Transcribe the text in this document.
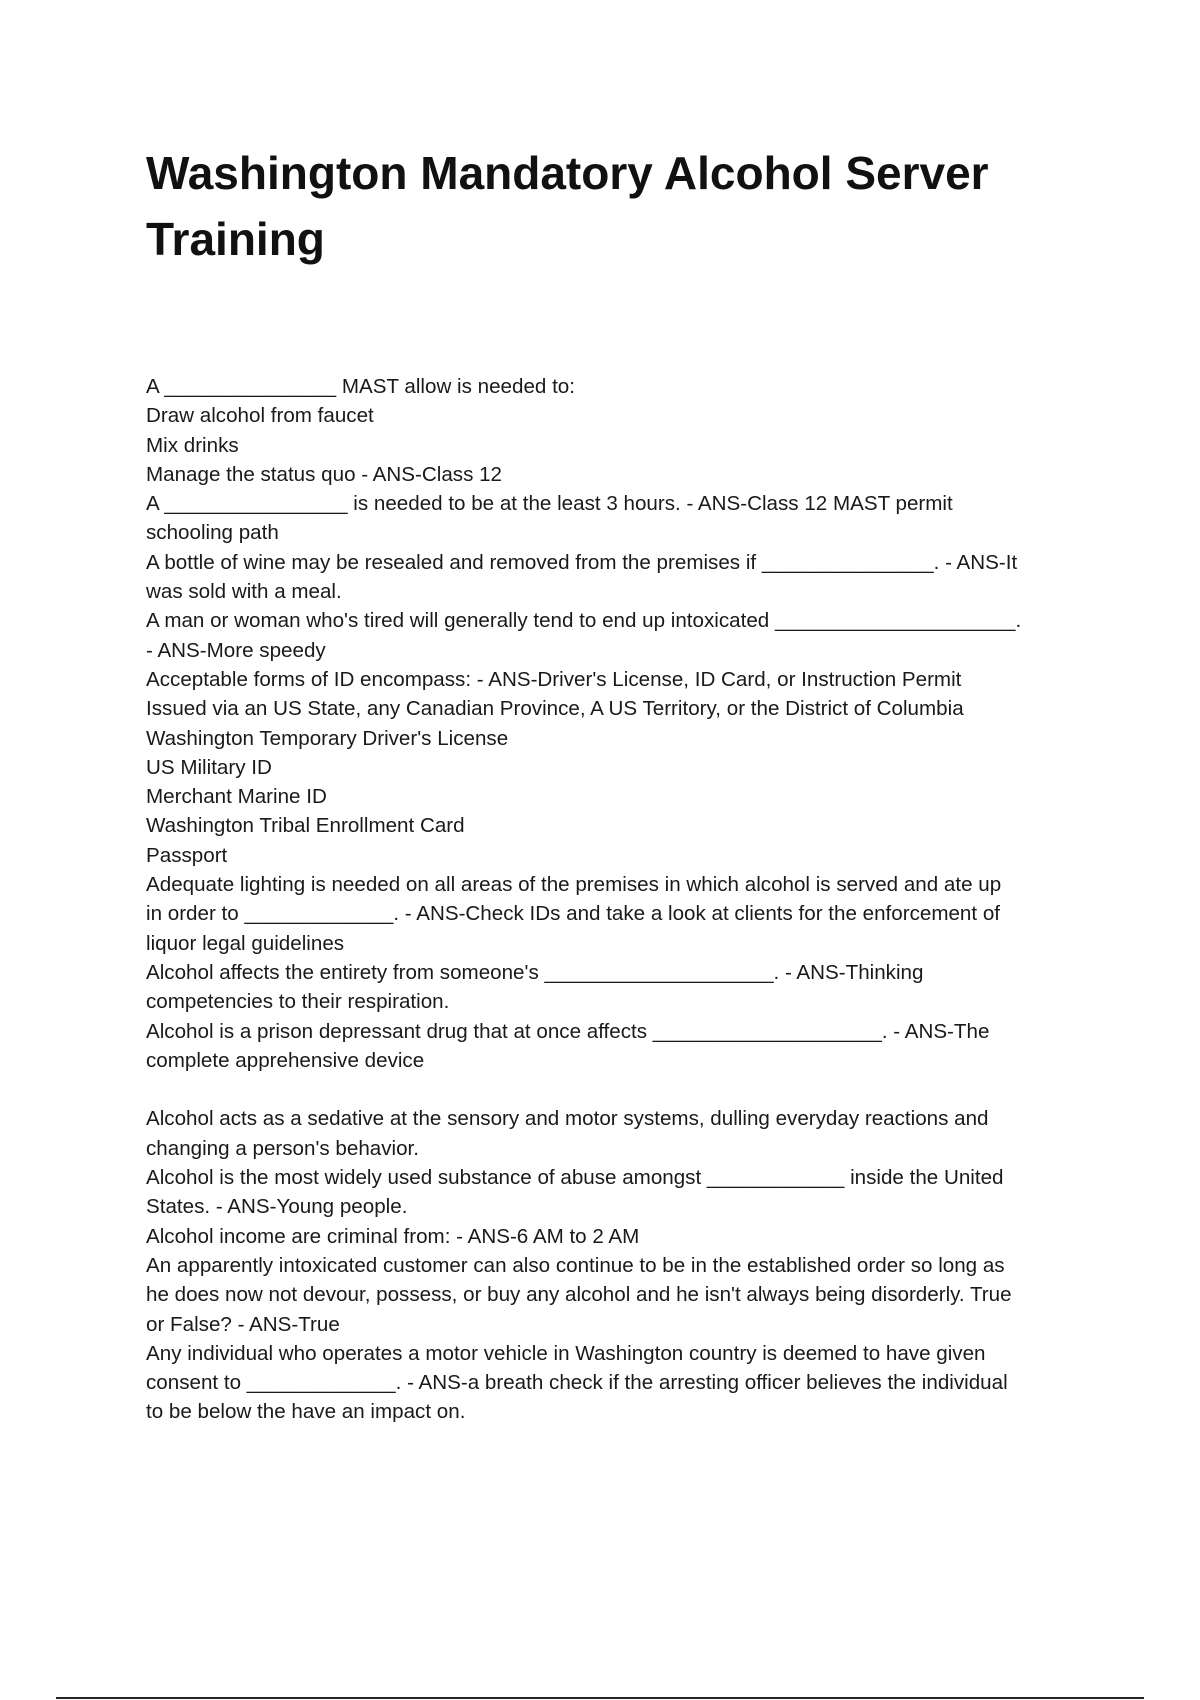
Washington Mandatory Alcohol Server Training
A _______________ MAST allow is needed to:
Draw alcohol from faucet
Mix drinks
Manage the status quo - ANS-Class 12
A ________________ is needed to be at the least 3 hours. - ANS-Class 12 MAST permit
schooling path
A bottle of wine may be resealed and removed from the premises if _______________. - ANS-It
was sold with a meal.
A man or woman who's tired will generally tend to end up intoxicated _____________________.
- ANS-More speedy
Acceptable forms of ID encompass: - ANS-Driver's License, ID Card, or Instruction Permit
Issued via an US State, any Canadian Province, A US Territory, or the District of Columbia
Washington Temporary Driver's License
US Military ID
Merchant Marine ID
Washington Tribal Enrollment Card
Passport
Adequate lighting is needed on all areas of the premises in which alcohol is served and ate up
in order to _____________. - ANS-Check IDs and take a look at clients for the enforcement of
liquor legal guidelines
Alcohol affects the entirety from someone's ____________________. - ANS-Thinking
competencies to their respiration.
Alcohol is a prison depressant drug that at once affects ____________________. - ANS-The
complete apprehensive device
Alcohol acts as a sedative at the sensory and motor systems, dulling everyday reactions and
changing a person's behavior.
Alcohol is the most widely used substance of abuse amongst ____________ inside the United
States. - ANS-Young people.
Alcohol income are criminal from: - ANS-6 AM to 2 AM
An apparently intoxicated customer can also continue to be in the established order so long as
he does now not devour, possess, or buy any alcohol and he isn't always being disorderly. True
or False? - ANS-True
Any individual who operates a motor vehicle in Washington country is deemed to have given
consent to _____________. - ANS-a breath check if the arresting officer believes the individual
to be below the have an impact on.
